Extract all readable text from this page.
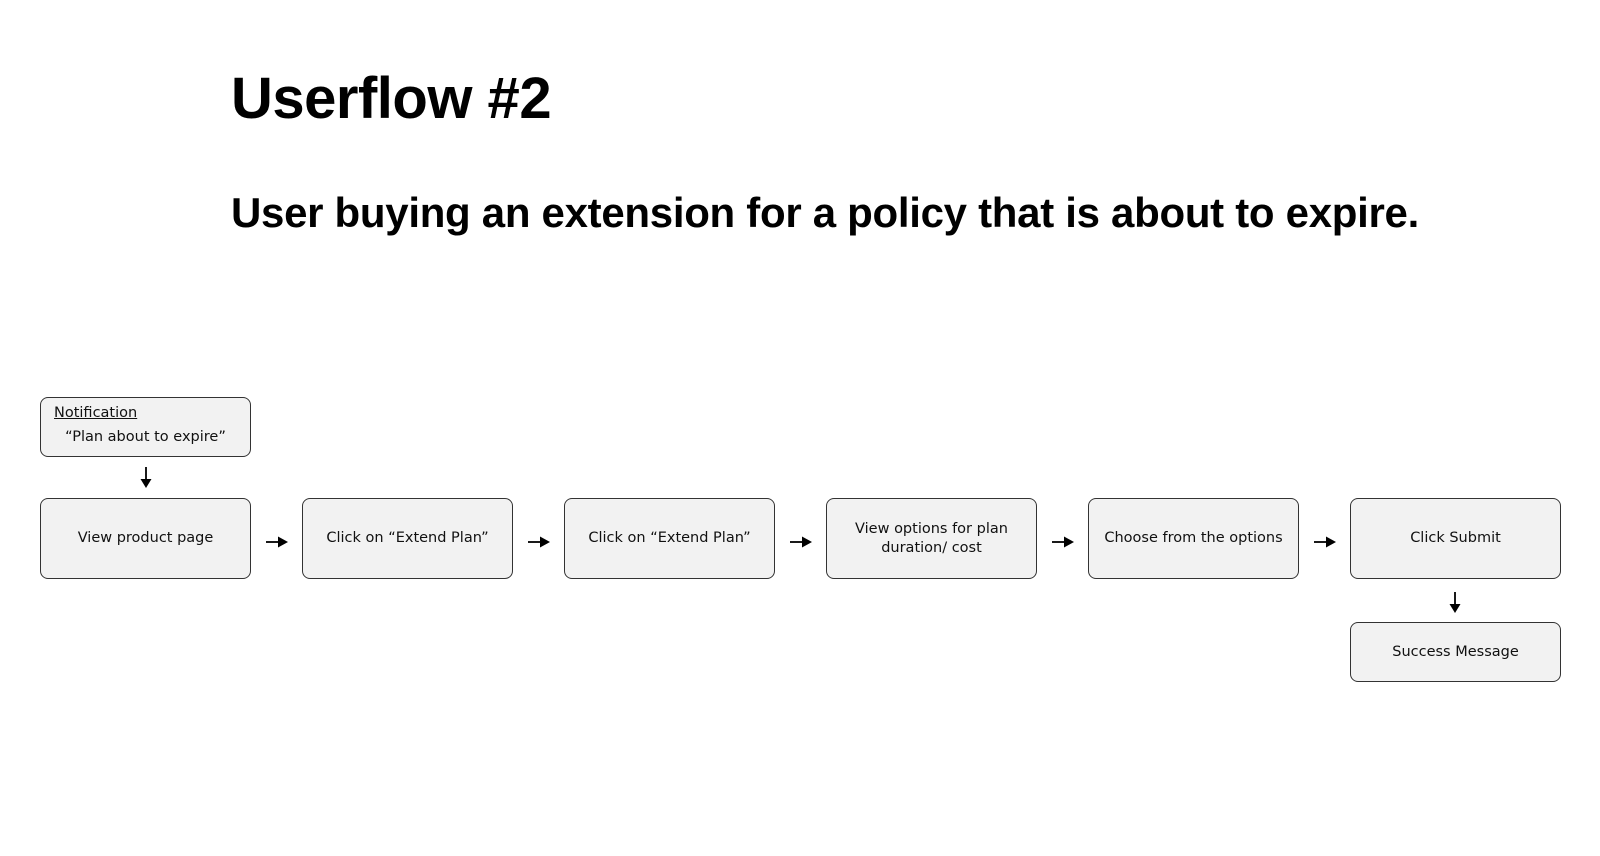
Userflow #2
User buying an extension for a policy that is about to expire.
Notification
“Plan about to expire”
View product page	Click on “Extend Plan”	Click on “Extend Plan”
View options for plan duration/ cost
Choose from the options	Click Submit
Success Message
